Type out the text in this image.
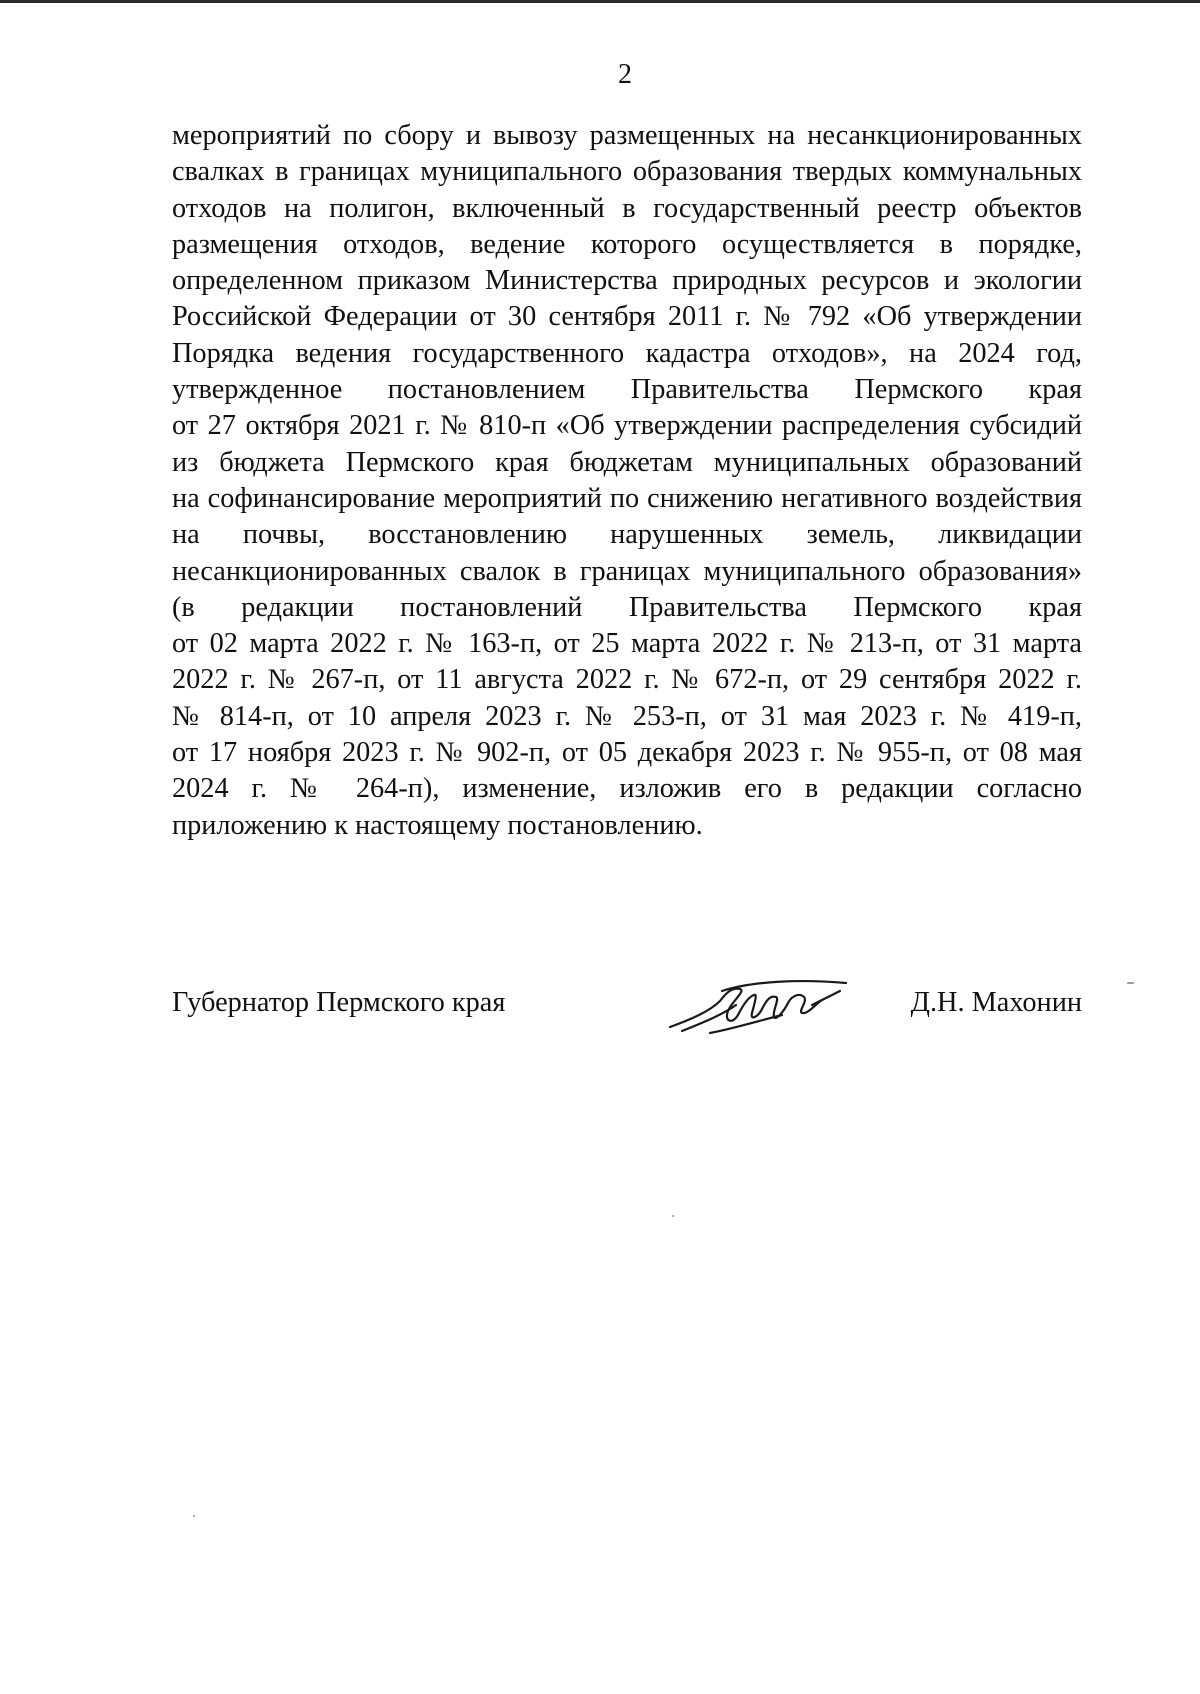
2
мероприятий по сбору и вывозу размещенных на несанкционированных
свалках в границах муниципального образования твердых коммунальных
отходов на полигон, включенный в государственный реестр объектов
размещения отходов, ведение которого осуществляется в порядке,
определенном приказом Министерства природных ресурсов и экологии
Российской Федерации от 30 сентября 2011 г. № 792 «Об утверждении
Порядка ведения государственного кадастра отходов», на 2024 год,
утвержденное постановлением Правительства Пермского края
от 27 октября 2021 г. № 810-п «Об утверждении распределения субсидий
из бюджета Пермского края бюджетам муниципальных образований
на софинансирование мероприятий по снижению негативного воздействия
на почвы, восстановлению нарушенных земель, ликвидации
несанкционированных свалок в границах муниципального образования»
(в редакции постановлений Правительства Пермского края
от 02 марта 2022 г. № 163-п, от 25 марта 2022 г. № 213-п, от 31 марта
2022 г. № 267-п, от 11 августа 2022 г. № 672-п, от 29 сентября 2022 г.
№ 814-п, от 10 апреля 2023 г. № 253-п, от 31 мая 2023 г. № 419-п,
от 17 ноября 2023 г. № 902-п, от 05 декабря 2023 г. № 955-п, от 08 мая
2024 г. № 264-п), изменение, изложив его в редакции согласно
приложению к настоящему постановлению.
Губернатор Пермского края	Д.Н. Махонин
